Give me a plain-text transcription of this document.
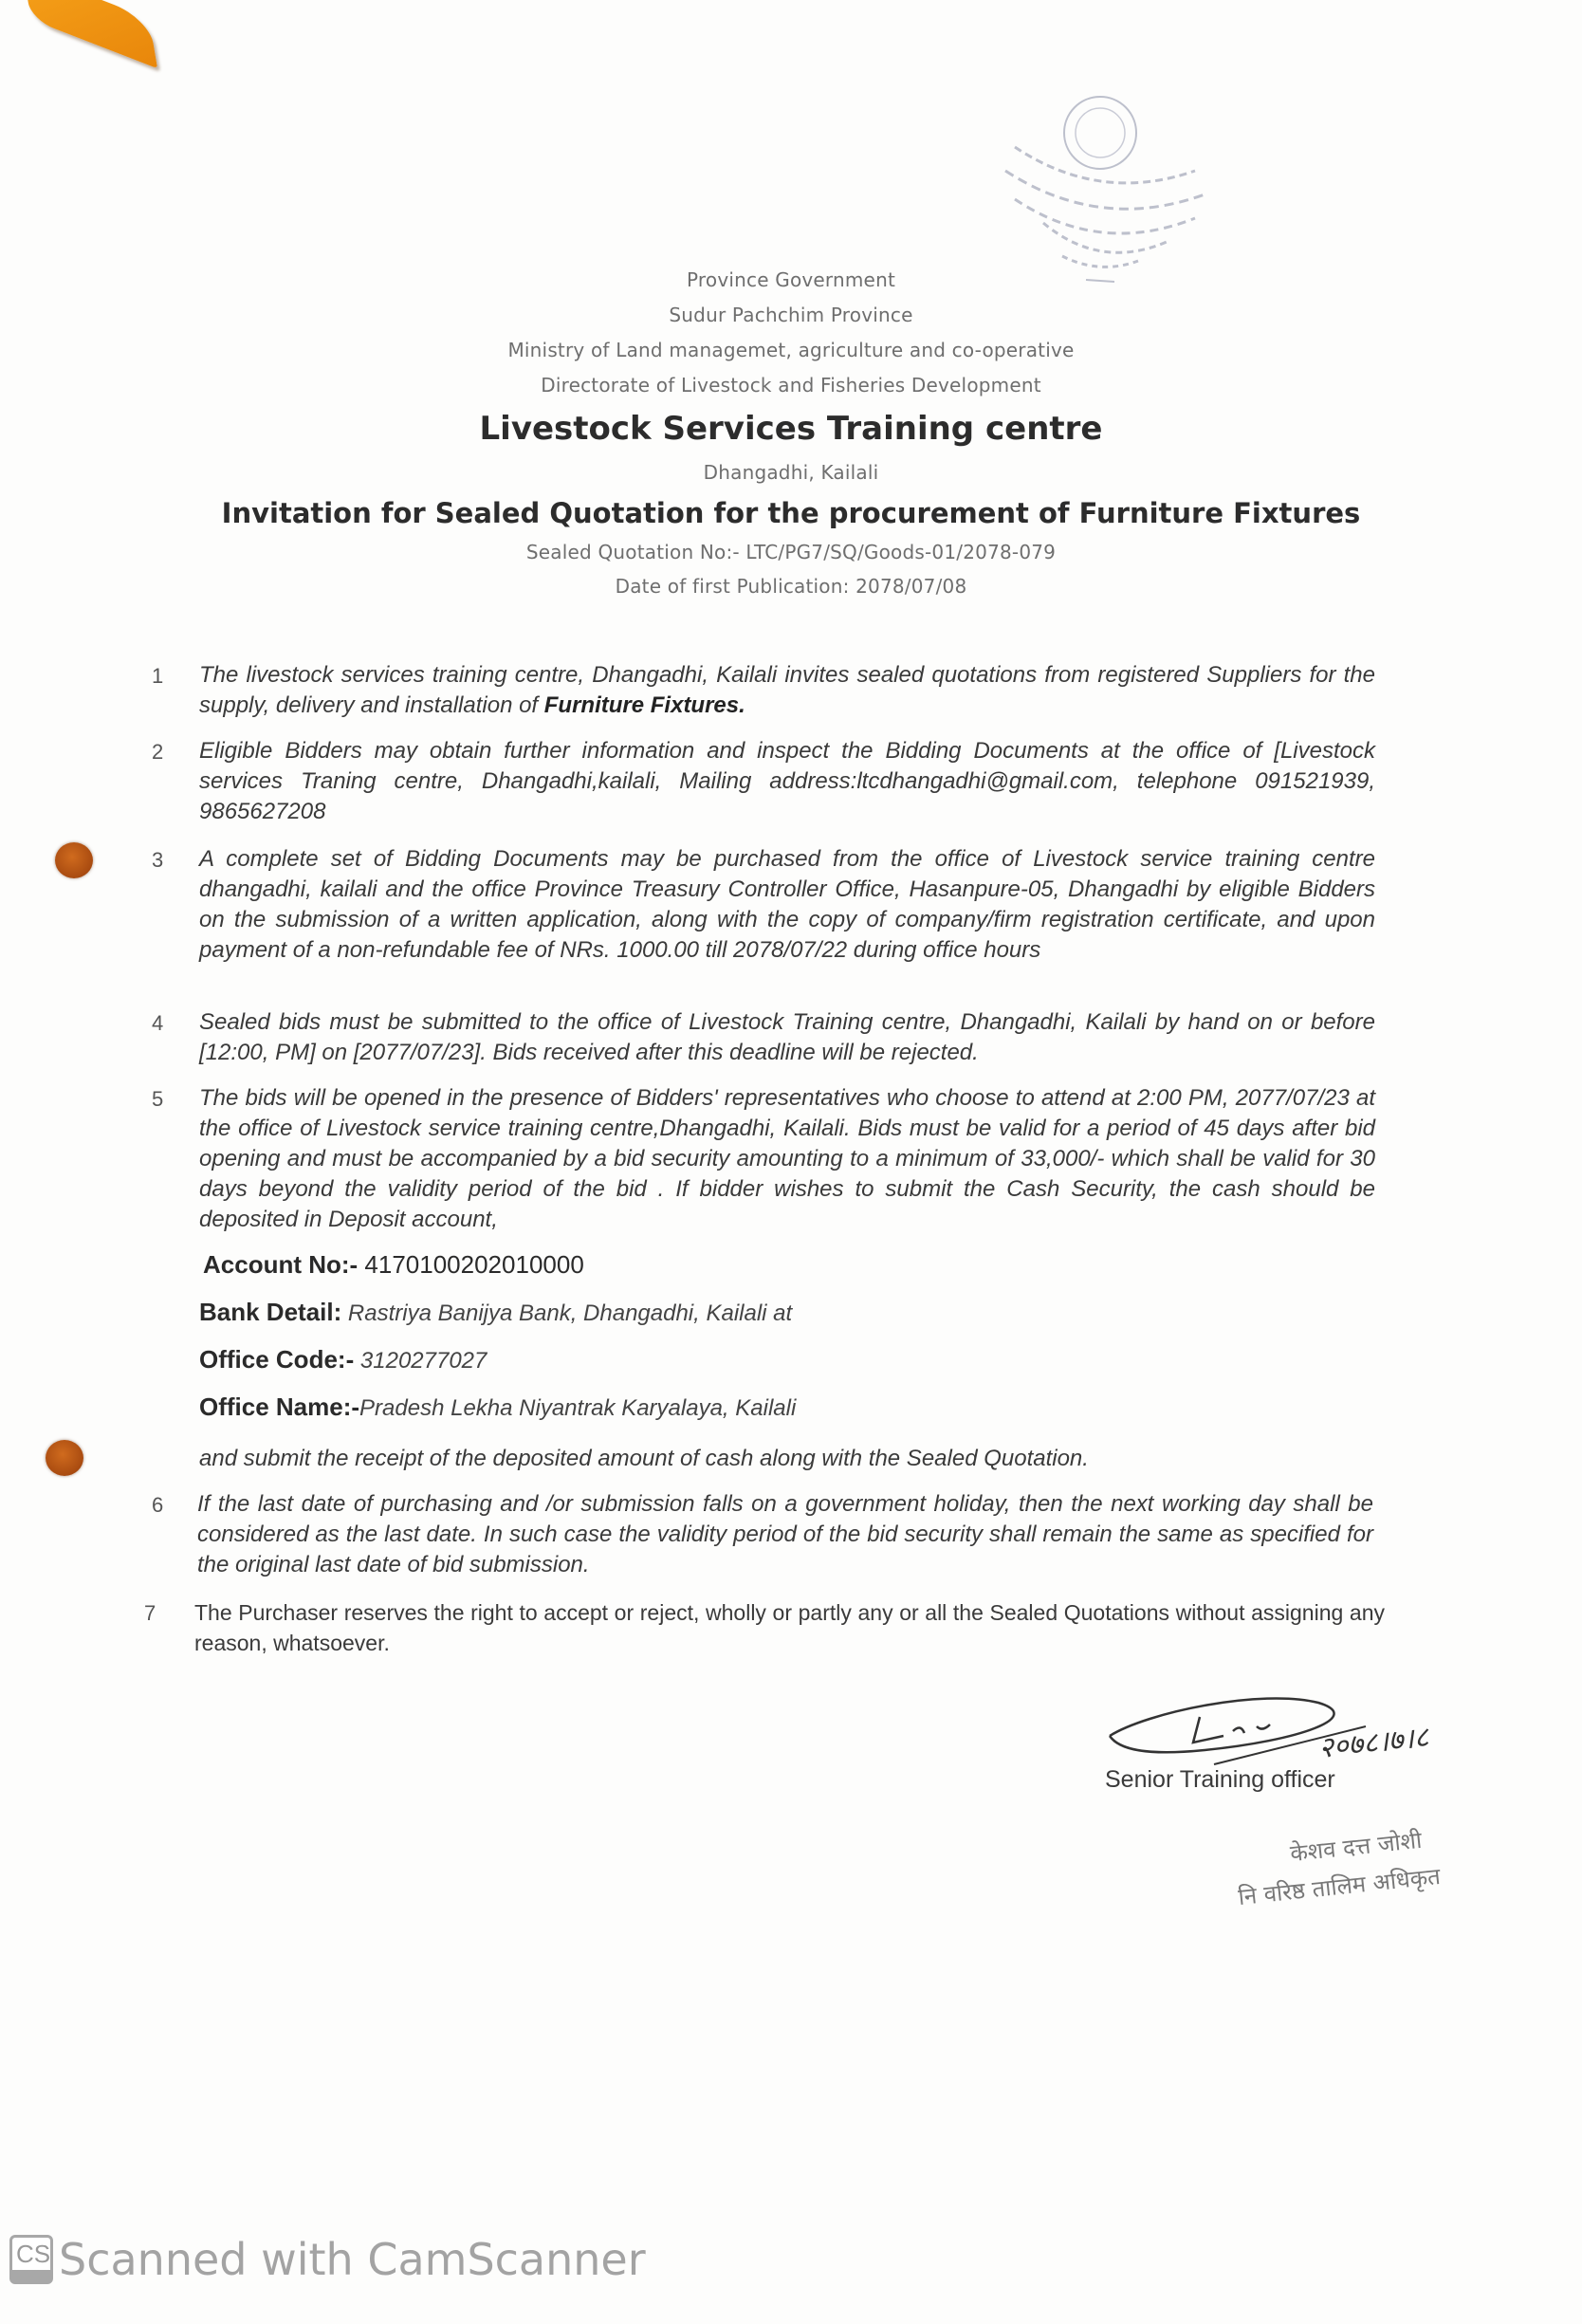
Province Government
Sudur Pachchim Province
Ministry of Land managemet, agriculture and co-operative
Directorate of Livestock and Fisheries Development
Livestock Services Training centre
Dhangadhi, Kailali
Invitation for Sealed Quotation for the procurement of Furniture Fixtures
Sealed Quotation No:- LTC/PG7/SQ/Goods-01/2078-079
Date of first Publication: 2078/07/08
1	The livestock services training centre, Dhangadhi, Kailali invites sealed quotations from registered Suppliers for the supply, delivery and installation of Furniture Fixtures.
2	Eligible Bidders may obtain further information and inspect the Bidding Documents at the office of [Livestock services Traning centre, Dhangadhi,kailali, Mailing address:ltcdhangadhi@gmail.com, telephone 091521939, 9865627208
3	A complete set of Bidding Documents may be purchased from the office of Livestock service training centre dhangadhi, kailali and the office Province Treasury Controller Office, Hasanpure-05, Dhangadhi by eligible Bidders on the submission of a written application, along with the copy of company/firm registration certificate, and upon payment of a non-refundable fee of NRs. 1000.00 till 2078/07/22 during office hours
4	Sealed bids must be submitted to the office of Livestock Training centre, Dhangadhi, Kailali by hand on or before [12:00, PM] on [2077/07/23]. Bids received after this deadline will be rejected.
5	The bids will be opened in the presence of Bidders' representatives who choose to attend at 2:00 PM, 2077/07/23 at the office of Livestock service training centre,Dhangadhi, Kailali. Bids must be valid for a period of 45 days after bid opening and must be accompanied by a bid security amounting to a minimum of 33,000/- which shall be valid for 30 days beyond the validity period of the bid . If bidder wishes to submit the Cash Security, the cash should be deposited in Deposit account,
Account No:- 4170100202010000
Bank Detail: Rastriya Banijya Bank, Dhangadhi, Kailali at
Office Code:- 3120277027
Office Name:-Pradesh Lekha Niyantrak Karyalaya, Kailali
and submit the receipt of the deposited amount of cash along with the Sealed Quotation.
6	If the last date of purchasing and /or submission falls on a government holiday, then the next working day shall be considered as the last date. In such case the validity period of the bid security shall remain the same as specified for the original last date of bid submission.
7	The Purchaser reserves the right to accept or reject, wholly or partly any or all the Sealed Quotations without assigning any reason, whatsoever.
२०७८।७।८
Senior Training officer
केशव दत्त जोशी
नि वरिष्ठ तालिम अधिकृत
CS Scanned with CamScanner
